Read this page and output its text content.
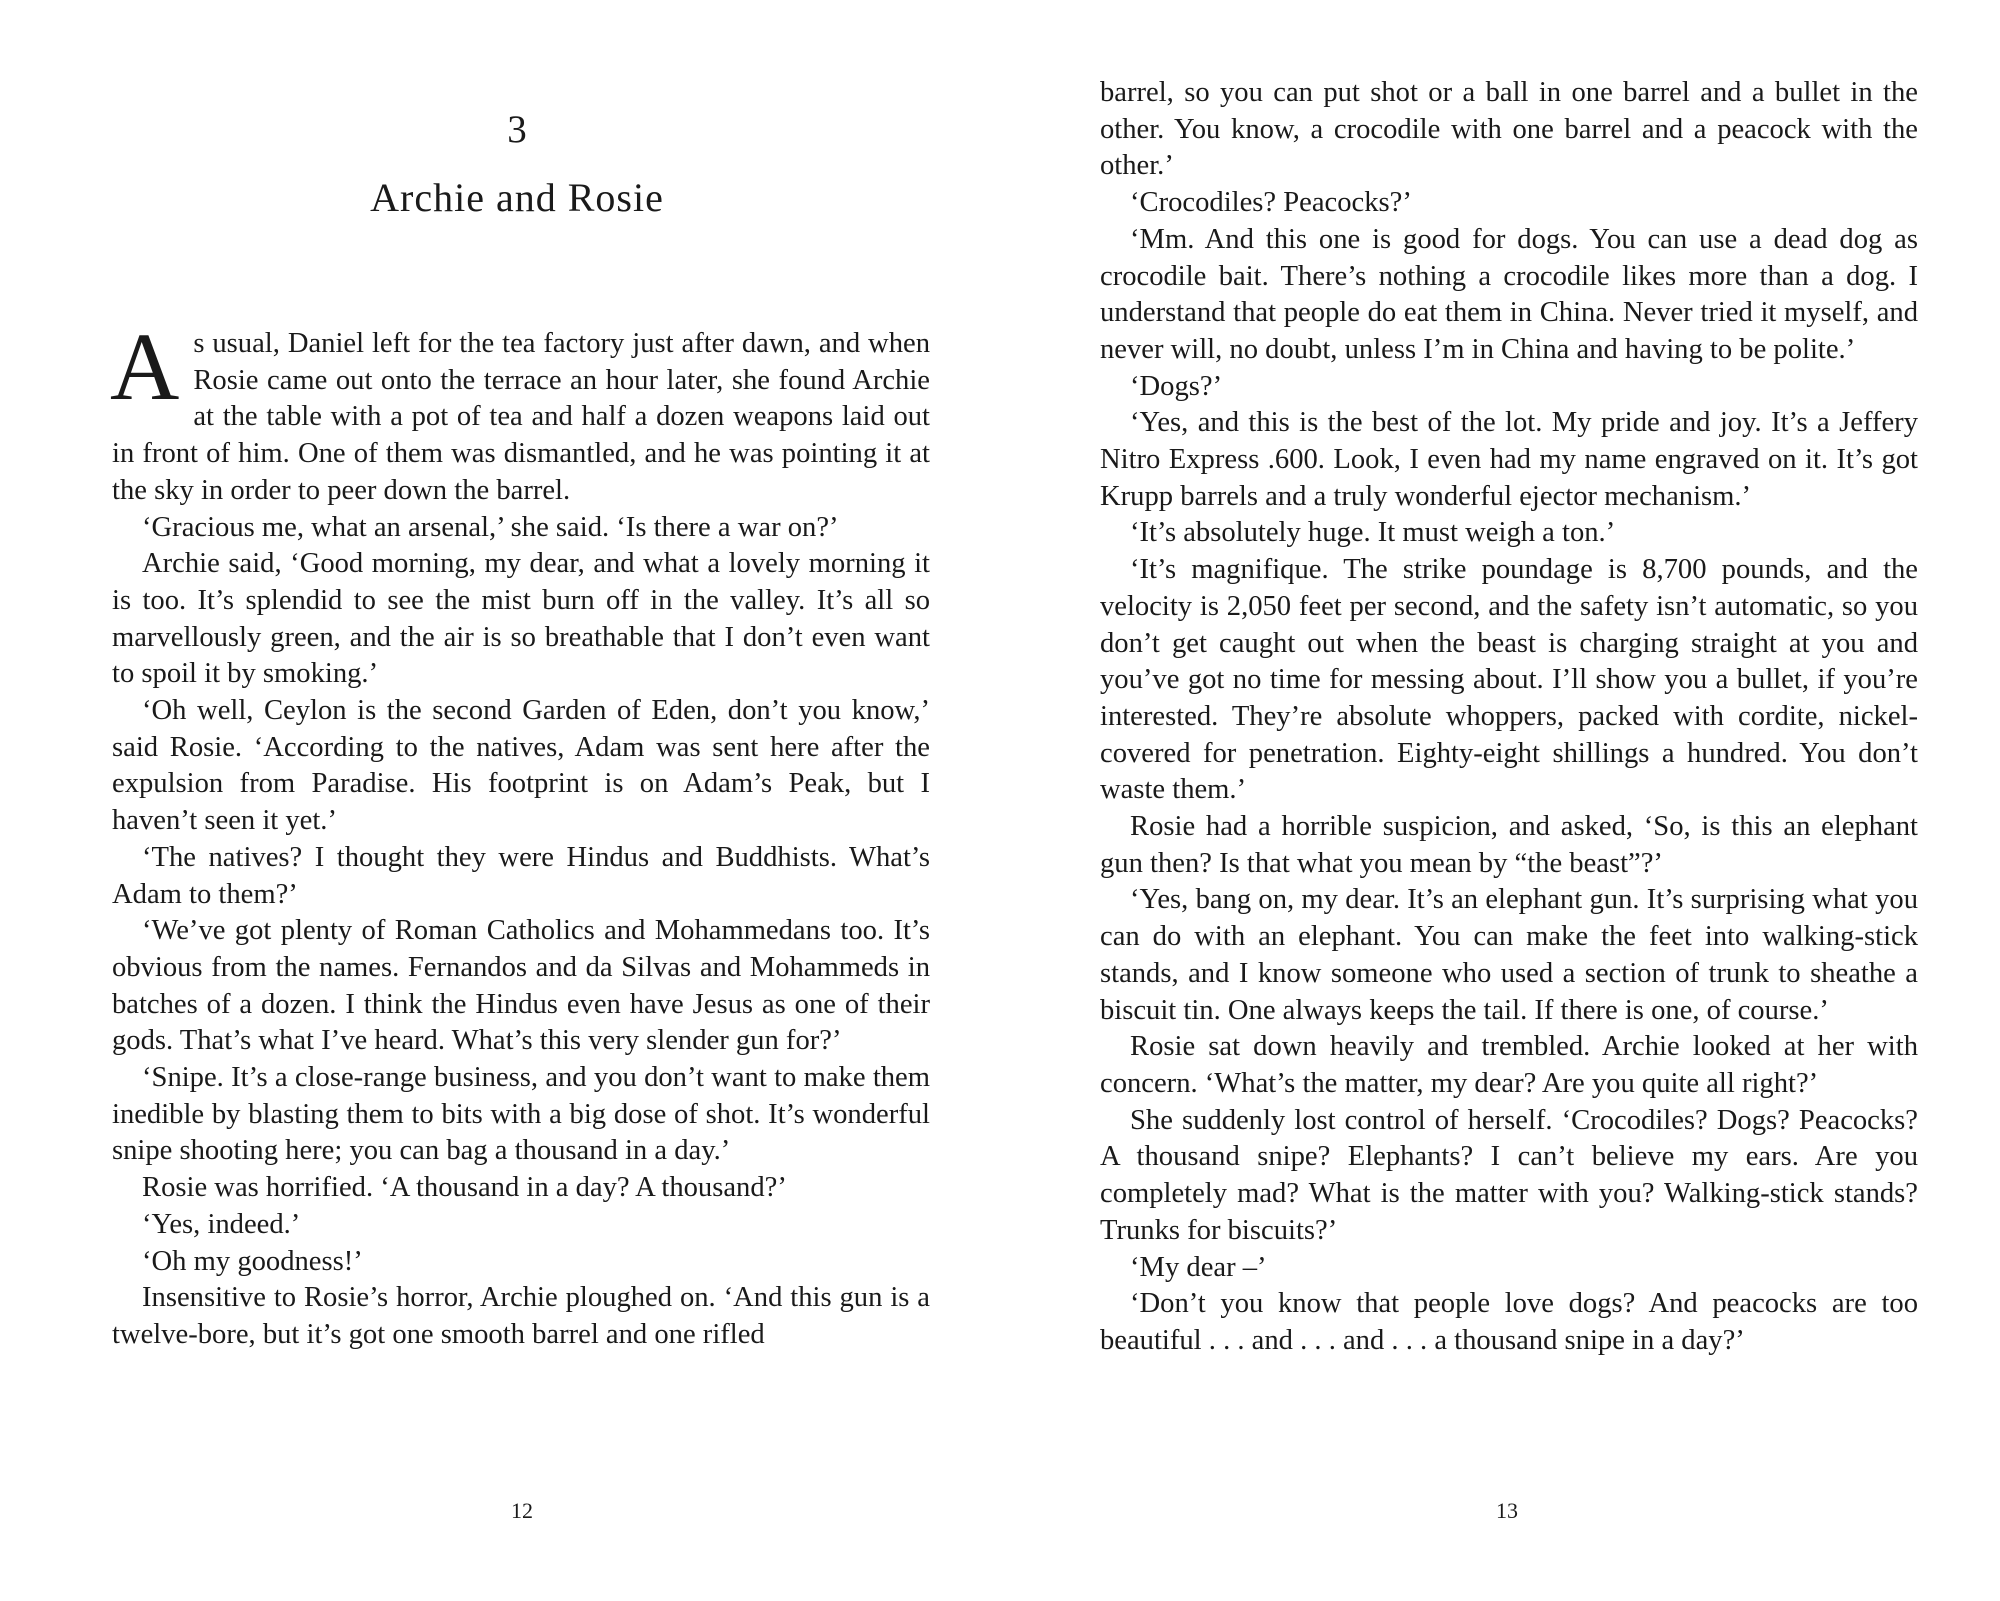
3
Archie and Rosie

As usual, Daniel left for the tea factory just after dawn, and when Rosie came out onto the terrace an hour later, she found Archie at the table with a pot of tea and half a dozen weapons laid out in front of him. One of them was dismantled, and he was pointing it at the sky in order to peer down the barrel.

‘Gracious me, what an arsenal,’ she said. ‘Is there a war on?’

Archie said, ‘Good morning, my dear, and what a lovely morning it is too. It’s splendid to see the mist burn off in the valley. It’s all so marvellously green, and the air is so breathable that I don’t even want to spoil it by smoking.’

‘Oh well, Ceylon is the second Garden of Eden, don’t you know,’ said Rosie. ‘According to the natives, Adam was sent here after the expulsion from Paradise. His footprint is on Adam’s Peak, but I haven’t seen it yet.’

‘The natives? I thought they were Hindus and Buddhists. What’s Adam to them?’

‘We’ve got plenty of Roman Catholics and Mohammedans too. It’s obvious from the names. Fernandos and da Silvas and Mohammeds in batches of a dozen. I think the Hindus even have Jesus as one of their gods. That’s what I’ve heard. What’s this very slender gun for?’

‘Snipe. It’s a close-range business, and you don’t want to make them inedible by blasting them to bits with a big dose of shot. It’s wonderful snipe shooting here; you can bag a thousand in a day.’

Rosie was horrified. ‘A thousand in a day? A thousand?’

‘Yes, indeed.’

‘Oh my goodness!’

Insensitive to Rosie’s horror, Archie ploughed on. ‘And this gun is a twelve-bore, but it’s got one smooth barrel and one rifled

12

barrel, so you can put shot or a ball in one barrel and a bullet in the other. You know, a crocodile with one barrel and a peacock with the other.’

‘Crocodiles? Peacocks?’

‘Mm. And this one is good for dogs. You can use a dead dog as crocodile bait. There’s nothing a crocodile likes more than a dog. I understand that people do eat them in China. Never tried it myself, and never will, no doubt, unless I’m in China and having to be polite.’

‘Dogs?’

‘Yes, and this is the best of the lot. My pride and joy. It’s a Jeffery Nitro Express .600. Look, I even had my name engraved on it. It’s got Krupp barrels and a truly wonderful ejector mechanism.’

‘It’s absolutely huge. It must weigh a ton.’

‘It’s magnifique. The strike poundage is 8,700 pounds, and the velocity is 2,050 feet per second, and the safety isn’t automatic, so you don’t get caught out when the beast is charging straight at you and you’ve got no time for messing about. I’ll show you a bullet, if you’re interested. They’re absolute whoppers, packed with cordite, nickel-covered for penetration. Eighty-eight shillings a hundred. You don’t waste them.’

Rosie had a horrible suspicion, and asked, ‘So, is this an elephant gun then? Is that what you mean by “the beast”?’

‘Yes, bang on, my dear. It’s an elephant gun. It’s surprising what you can do with an elephant. You can make the feet into walking-stick stands, and I know someone who used a section of trunk to sheathe a biscuit tin. One always keeps the tail. If there is one, of course.’

Rosie sat down heavily and trembled. Archie looked at her with concern. ‘What’s the matter, my dear? Are you quite all right?’

She suddenly lost control of herself. ‘Crocodiles? Dogs? Peacocks? A thousand snipe? Elephants? I can’t believe my ears. Are you completely mad? What is the matter with you? Walking-stick stands? Trunks for biscuits?’

‘My dear –’

‘Don’t you know that people love dogs? And peacocks are too beautiful . . . and . . . and . . . a thousand snipe in a day?’

13
